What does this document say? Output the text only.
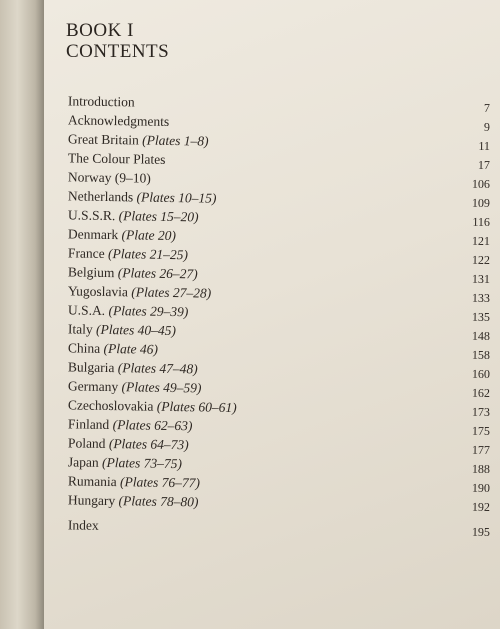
BOOK I
CONTENTS
Introduction	7
Acknowledgments	9
Great Britain (Plates 1–8)	11
The Colour Plates	17
Norway (9–10)	106
Netherlands (Plates 10–15)	109
U.S.S.R. (Plates 15–20)	116
Denmark (Plate 20)	121
France (Plates 21–25)	122
Belgium (Plates 26–27)	131
Yugoslavia (Plates 27–28)	133
U.S.A. (Plates 29–39)	135
Italy (Plates 40–45)	148
China (Plate 46)	158
Bulgaria (Plates 47–48)	160
Germany (Plates 49–59)	162
Czechoslovakia (Plates 60–61)	173
Finland (Plates 62–63)	175
Poland (Plates 64–73)	177
Japan (Plates 73–75)	188
Rumania (Plates 76–77)	190
Hungary (Plates 78–80)	192
Index	195
